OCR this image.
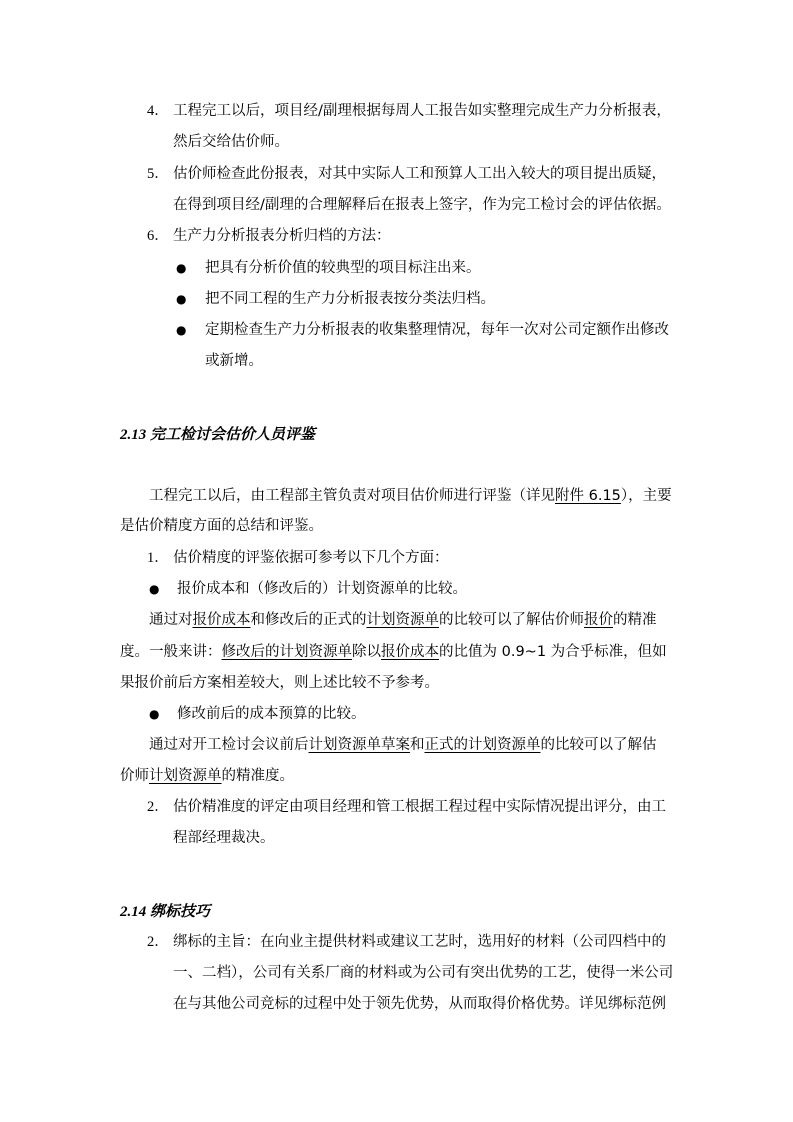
4． 工程完工以后，项目经/副理根据每周人工报告如实整理完成生产力分析报表，
然后交给估价师。
5． 估价师检查此份报表，对其中实际人工和预算人工出入较大的项目提出质疑，
在得到项目经/副理的合理解释后在报表上签字，作为完工检讨会的评估依据。
6． 生产力分析报表分析归档的方法：
● 把具有分析价值的较典型的项目标注出来。
● 把不同工程的生产力分析报表按分类法归档。
● 定期检查生产力分析报表的收集整理情况，每年一次对公司定额作出修改
或新增。
2.13 完工检讨会估价人员评鉴
工程完工以后，由工程部主管负责对项目估价师进行评鉴（详见附件 6.15），主要
是估价精度方面的总结和评鉴。
1． 估价精度的评鉴依据可参考以下几个方面：
● 报价成本和（修改后的）计划资源单的比较。
通过对报价成本和修改后的正式的计划资源单的比较可以了解估价师报价的精准
度。一般来讲：修改后的计划资源单除以报价成本的比值为 0.9~1 为合乎标准，但如
果报价前后方案相差较大，则上述比较不予参考。
● 修改前后的成本预算的比较。
通过对开工检讨会议前后计划资源单草案和正式的计划资源单的比较可以了解估
价师计划资源单的精准度。
2． 估价精准度的评定由项目经理和管工根据工程过程中实际情况提出评分，由工
程部经理裁决。
2.14 绑标技巧
2． 绑标的主旨：在向业主提供材料或建议工艺时，选用好的材料（公司四档中的
一、二档），公司有关系厂商的材料或为公司有突出优势的工艺，使得一米公司
在与其他公司竞标的过程中处于领先优势，从而取得价格优势。详见绑标范例
